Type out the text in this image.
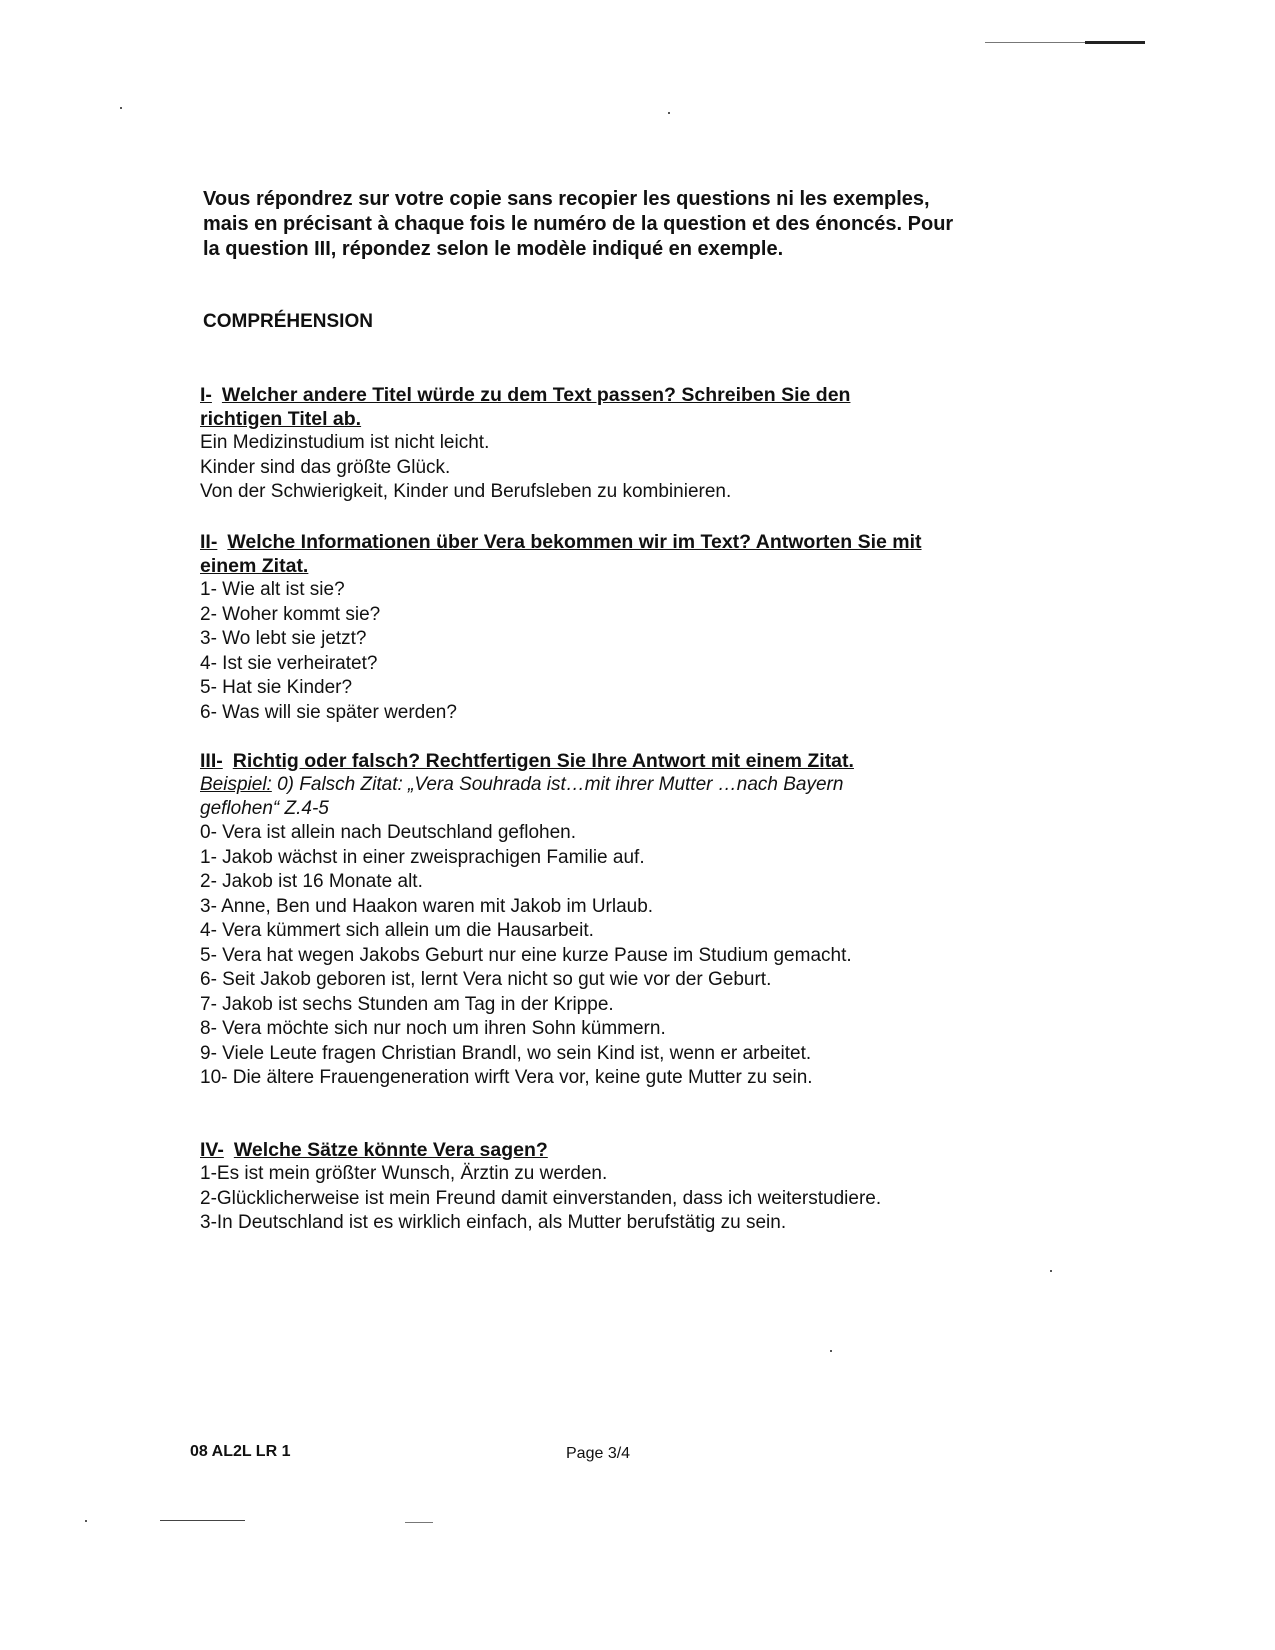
Vous répondrez sur votre copie sans recopier les questions ni les exemples,
mais en précisant à chaque fois le numéro de la question et des énoncés. Pour
la question III, répondez selon le modèle indiqué en exemple.
COMPRÉHENSION
I- Welcher andere Titel würde zu dem Text passen? Schreiben Sie den
richtigen Titel ab.
Ein Medizinstudium ist nicht leicht.
Kinder sind das größte Glück.
Von der Schwierigkeit, Kinder und Berufsleben zu kombinieren.
II- Welche Informationen über Vera bekommen wir im Text? Antworten Sie mit
einem Zitat.
1- Wie alt ist sie?
2- Woher kommt sie?
3- Wo lebt sie jetzt?
4- Ist sie verheiratet?
5- Hat sie Kinder?
6- Was will sie später werden?
III- Richtig oder falsch? Rechtfertigen Sie Ihre Antwort mit einem Zitat.
Beispiel: 0) Falsch Zitat: „Vera Souhrada ist…mit ihrer Mutter …nach Bayern
geflohen“ Z.4-5
0- Vera ist allein nach Deutschland geflohen.
1- Jakob wächst in einer zweisprachigen Familie auf.
2- Jakob ist 16 Monate alt.
3- Anne, Ben und Haakon waren mit Jakob im Urlaub.
4- Vera kümmert sich allein um die Hausarbeit.
5- Vera hat wegen Jakobs Geburt nur eine kurze Pause im Studium gemacht.
6- Seit Jakob geboren ist, lernt Vera nicht so gut wie vor der Geburt.
7- Jakob ist sechs Stunden am Tag in der Krippe.
8- Vera möchte sich nur noch um ihren Sohn kümmern.
9- Viele Leute fragen Christian Brandl, wo sein Kind ist, wenn er arbeitet.
10- Die ältere Frauengeneration wirft Vera vor, keine gute Mutter zu sein.
IV- Welche Sätze könnte Vera sagen?
1-Es ist mein größter Wunsch, Ärztin zu werden.
2-Glücklicherweise ist mein Freund damit einverstanden, dass ich weiterstudiere.
3-In Deutschland ist es wirklich einfach, als Mutter berufstätig zu sein.
08 AL2L LR 1	Page 3/4
